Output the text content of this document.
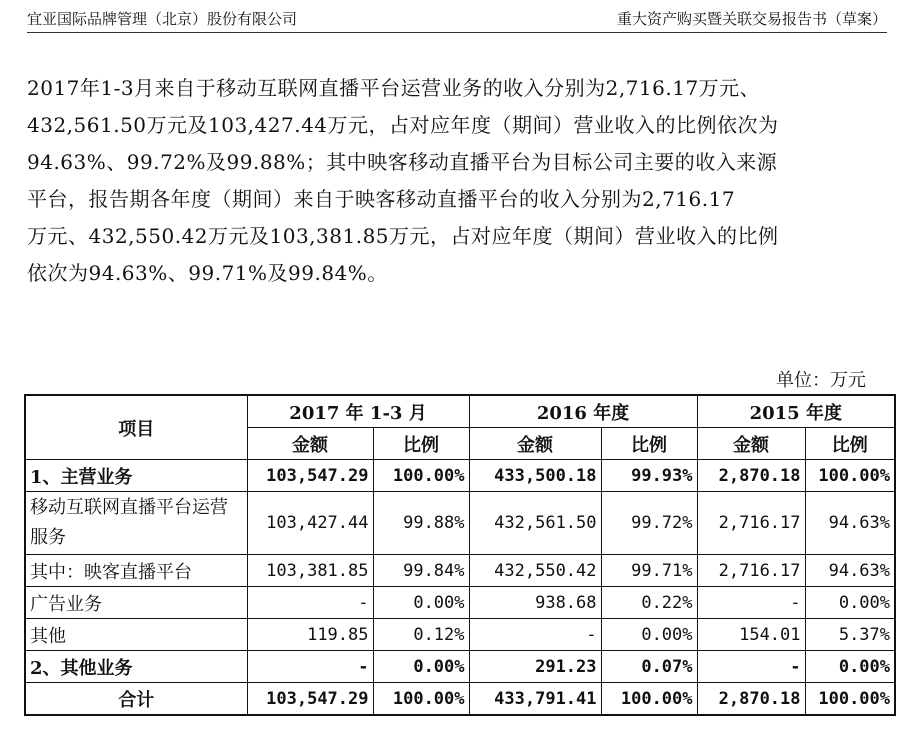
宜亚国际品牌管理（北京）股份有限公司	重大资产购买暨关联交易报告书（草案）

2017年1-3月来自于移动互联网直播平台运营业务的收入分别为2,716.17万元、

432,561.50万元及103,427.44万元，占对应年度（期间）营业收入的比例依次为

94.63%、99.72%及99.88%；其中映客移动直播平台为目标公司主要的收入来源

平台，报告期各年度（期间）来自于映客移动直播平台的收入分别为2,716.17

万元、432,550.42万元及103,381.85万元，占对应年度（期间）营业收入的比例

依次为94.63%、99.71%及99.84%。

单位：万元
项目	2017 年 1-3 月		2016 年度		2015 年度	
	金额	比例	金额	比例	金额	比例
1、主营业务	103,547.29	100.00%	433,500.18	99.93%	2,870.18	100.00%
移动互联网直播平台运营服务	103,427.44	99.88%	432,561.50	99.72%	2,716.17	94.63%
其中：映客直播平台	103,381.85	99.84%	432,550.42	99.71%	2,716.17	94.63%
广告业务	-	0.00%	938.68	0.22%	-	0.00%
其他	119.85	0.12%	-	0.00%	154.01	5.37%
2、其他业务	-	0.00%	291.23	0.07%	-	0.00%
合计	103,547.29	100.00%	433,791.41	100.00%	2,870.18	100.00%
